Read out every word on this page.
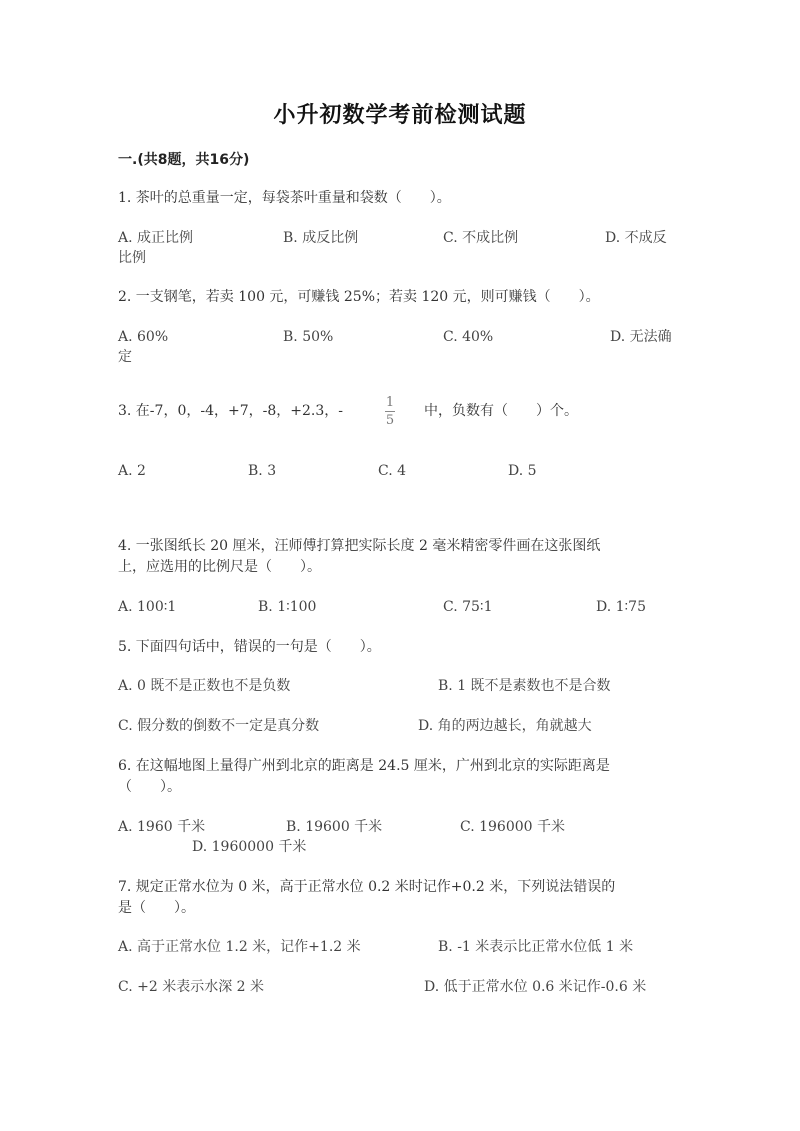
小升初数学考前检测试题
一.(共8题，共16分)
1. 茶叶的总重量一定，每袋茶叶重量和袋数（　　）。
A. 成正比例	B. 成反比例	C. 不成比例	D. 不成反
比例
2. 一支钢笔，若卖 100 元，可赚钱 25%；若卖 120 元，则可赚钱（　　）。
A. 60%	B. 50%	C. 40%	D. 无法确
定
3. 在-7，0，-4，+7，-8，+2.3，-
1
5
中，负数有（　　）个。
A. 2	B. 3	C. 4	D. 5
4. 一张图纸长 20 厘米，汪师傅打算把实际长度 2 毫米精密零件画在这张图纸
上，应选用的比例尺是（　　）。
A. 100∶1	B. 1∶100	C. 75∶1	D. 1∶75
5. 下面四句话中，错误的一句是（　　）。
A. 0 既不是正数也不是负数	B. 1 既不是素数也不是合数
C. 假分数的倒数不一定是真分数	D. 角的两边越长，角就越大
6. 在这幅地图上量得广州到北京的距离是 24.5 厘米，广州到北京的实际距离是
（　　）。
A. 1960 千米	B. 19600 千米	C. 196000 千米
D. 1960000 千米
7. 规定正常水位为 0 米，高于正常水位 0.2 米时记作+0.2 米，下列说法错误的
是（　　）。
A. 高于正常水位 1.2 米，记作+1.2 米	B. -1 米表示比正常水位低 1 米
C. +2 米表示水深 2 米	D. 低于正常水位 0.6 米记作-0.6 米
